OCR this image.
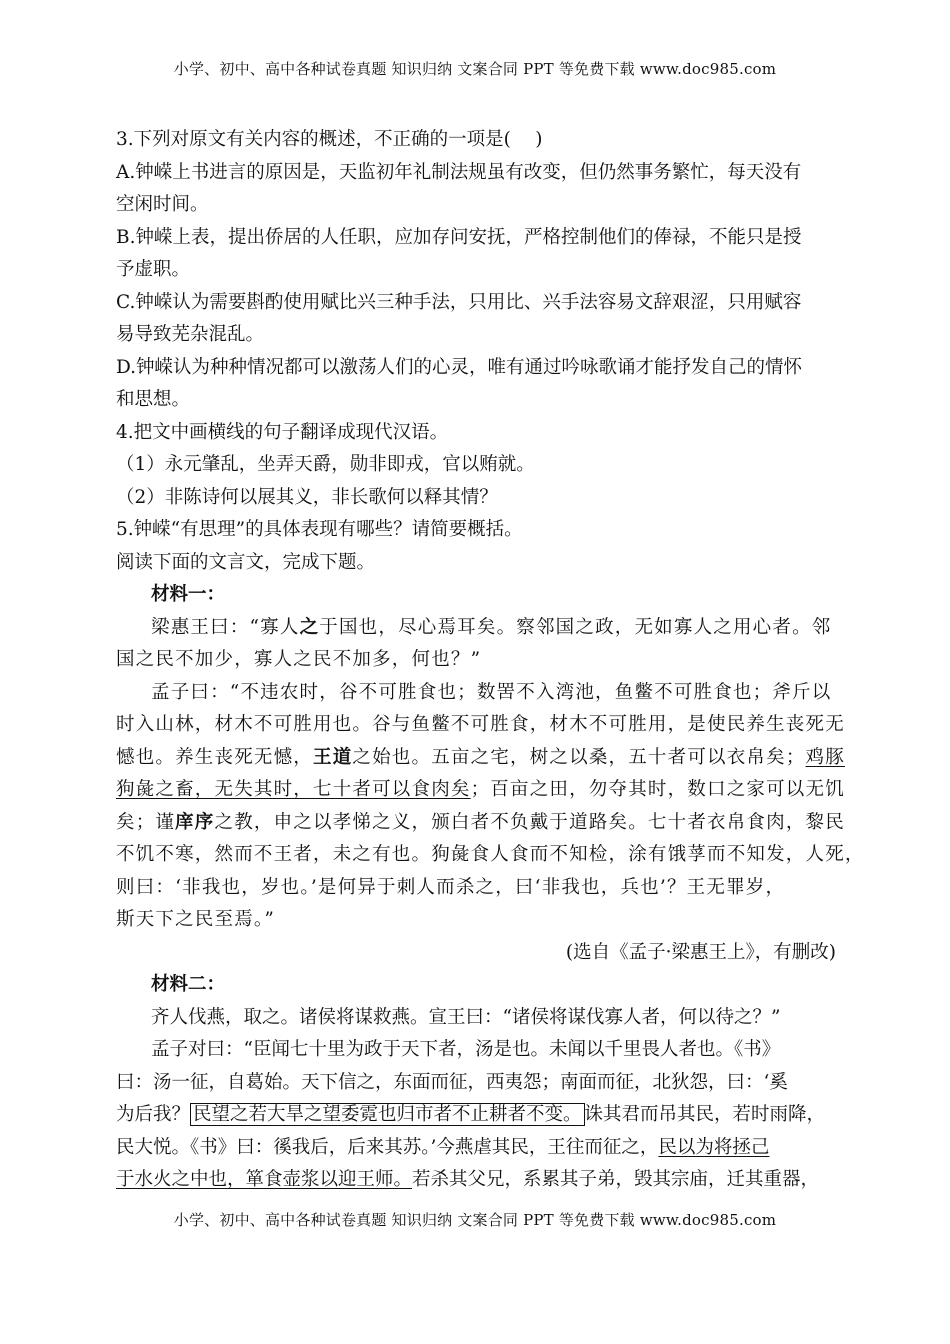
小学、初中、高中各种试卷真题 知识归纳 文案合同 PPT 等免费下载 www.doc985.com
3.下列对原文有关内容的概述，不正确的一项是(　 )
A.钟嵘上书进言的原因是，天监初年礼制法规虽有改变，但仍然事务繁忙，每天没有
空闲时间。
B.钟嵘上表，提出侨居的人任职，应加存问安抚，严格控制他们的俸禄，不能只是授
予虚职。
C.钟嵘认为需要斟酌使用赋比兴三种手法，只用比、兴手法容易文辞艰涩，只用赋容
易导致芜杂混乱。
D.钟嵘认为种种情况都可以激荡人们的心灵，唯有通过吟咏歌诵才能抒发自己的情怀
和思想。
4.把文中画横线的句子翻译成现代汉语。
（1）永元肇乱，坐弄天爵，勋非即戎，官以贿就。
（2）非陈诗何以展其义，非长歌何以释其情？
5.钟嵘“有思理”的具体表现有哪些？请简要概括。
阅读下面的文言文，完成下题。
材料一：
梁惠王曰：“寡人之于国也，尽心焉耳矣。察邻国之政，无如寡人之用心者。邻
国之民不加少，寡人之民不加多，何也？”
孟子曰：“不违农时，谷不可胜食也；数罟不入湾池，鱼鳖不可胜食也；斧斤以
时入山林，材木不可胜用也。谷与鱼鳖不可胜食，材木不可胜用，是使民养生丧死无
憾也。养生丧死无憾，王道之始也。五亩之宅，树之以桑，五十者可以衣帛矣；鸡豚
狗彘之畜，无失其时，七十者可以食肉矣；百亩之田，勿夺其时，数口之家可以无饥
矣；谨庠序之教，申之以孝悌之义，颁白者不负戴于道路矣。七十者衣帛食肉，黎民
不饥不寒，然而不王者，未之有也。狗彘食人食而不知检，涂有饿莩而不知发，人死，
则曰：‘非我也，岁也。’是何异于刺人而杀之，曰‘非我也，兵也’？王无罪岁，
斯天下之民至焉。”
(选自《孟子·梁惠王上》，有删改)
材料二：
齐人伐燕，取之。诸侯将谋救燕。宣王曰：“诸侯将谋伐寡人者，何以待之？”
孟子对曰：“臣闻七十里为政于天下者，汤是也。未闻以千里畏人者也。《书》
曰：汤一征，自葛始。天下信之，东面而征，西夷怨；南面而征，北狄怨，曰：‘奚
为后我？ 民望之若大旱之望委霓也归市者不止耕者不变。 诛其君而吊其民，若时雨降，
民大悦。《书》曰：徯我后，后来其苏。’今燕虐其民，王往而征之，民以为将拯己
于水火之中也，箪食壶浆以迎王师。若杀其父兄，系累其子弟，毁其宗庙，迁其重器，
小学、初中、高中各种试卷真题 知识归纳 文案合同 PPT 等免费下载 www.doc985.com
